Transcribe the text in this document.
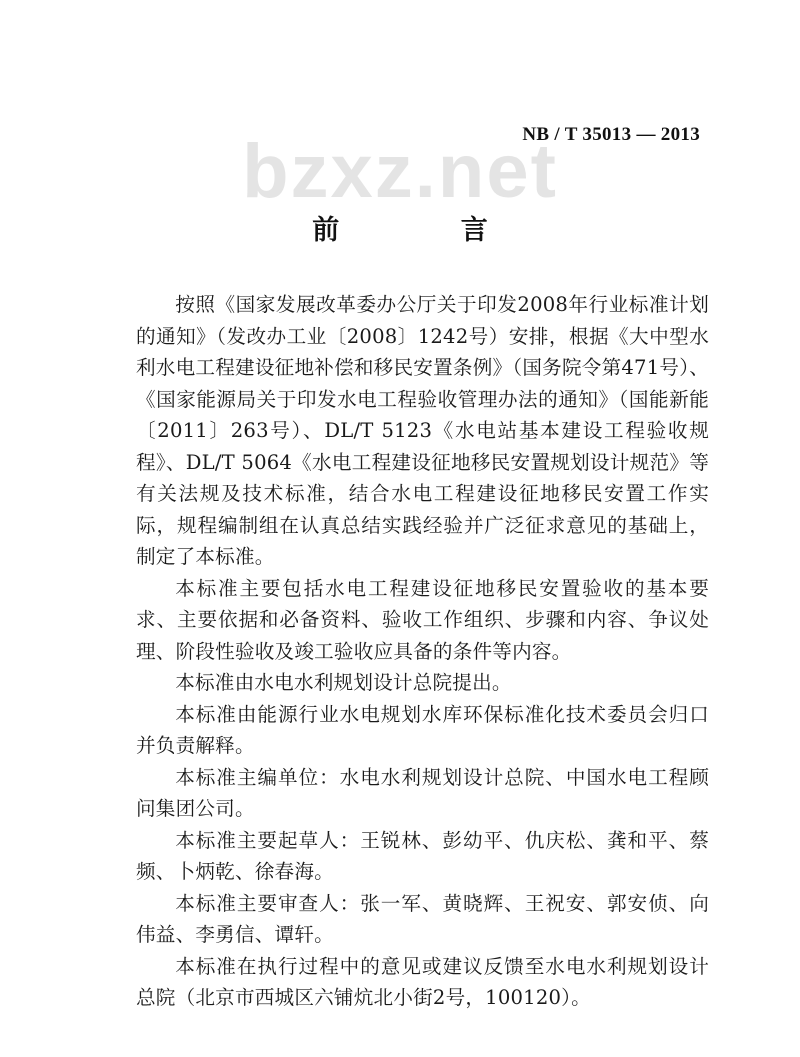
bzxz.net
NB / T 35013 — 2013
前 言

按照《国家发展改革委办公厅关于印发2008年行业标准计划的通知》（发改办工业〔2008〕1242号）安排，根据《大中型水利水电工程建设征地补偿和移民安置条例》（国务院令第471号）、《国家能源局关于印发水电工程验收管理办法的通知》（国能新能〔2011〕263号）、DL/T 5123《水电站基本建设工程验收规程》、DL/T 5064《水电工程建设征地移民安置规划设计规范》等有关法规及技术标准，结合水电工程建设征地移民安置工作实际，规程编制组在认真总结实践经验并广泛征求意见的基础上，制定了本标准。

本标准主要包括水电工程建设征地移民安置验收的基本要求、主要依据和必备资料、验收工作组织、步骤和内容、争议处理、阶段性验收及竣工验收应具备的条件等内容。

本标准由水电水利规划设计总院提出。

本标准由能源行业水电规划水库环保标准化技术委员会归口并负责解释。

本标准主编单位：水电水利规划设计总院、中国水电工程顾问集团公司。

本标准主要起草人：王锐林、彭幼平、仇庆松、龚和平、蔡频、卜炳乾、徐春海。

本标准主要审查人：张一军、黄晓辉、王祝安、郭安侦、向伟益、李勇信、谭轩。

本标准在执行过程中的意见或建议反馈至水电水利规划设计总院（北京市西城区六铺炕北小街2号，100120）。
